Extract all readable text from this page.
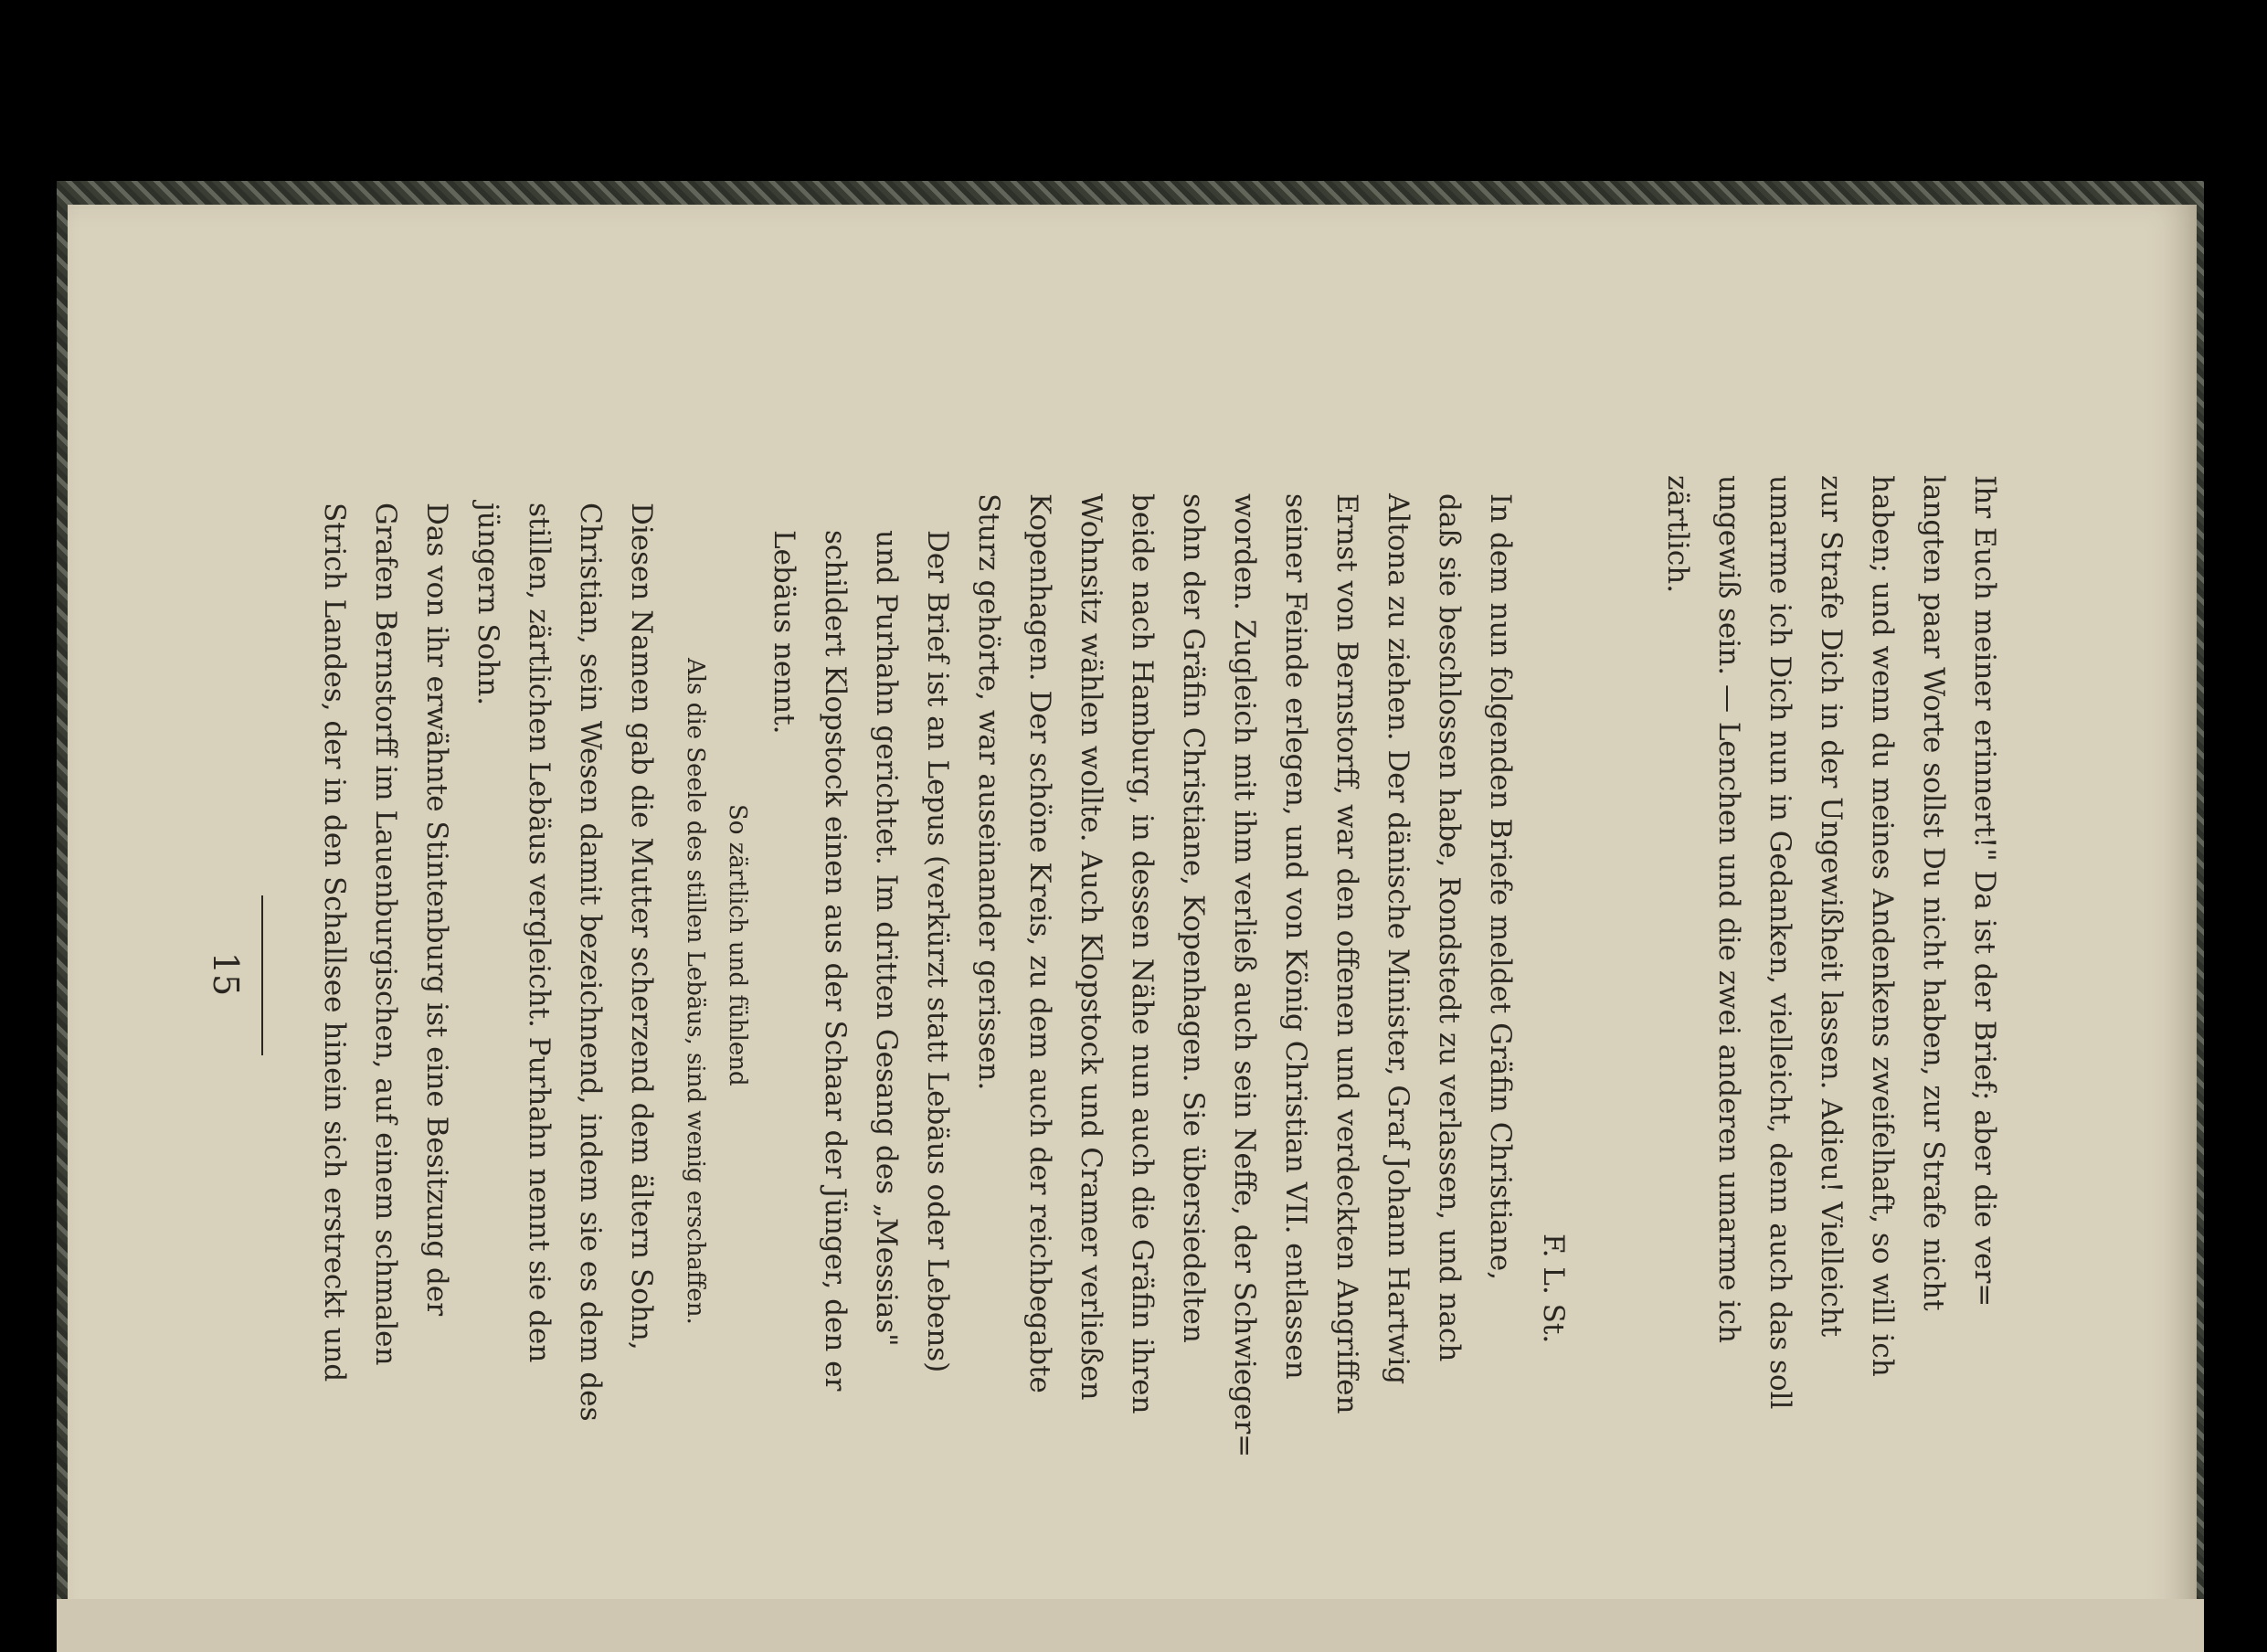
15	Ihr Euch meiner erinnert!" Da ist der Brief; aber die ver=
langten paar Worte sollst Du nicht haben, zur Strafe nicht
haben; und wenn du meines Andenkens zweifelhaft, so will ich
zur Strafe Dich in der Ungewißheit lassen. Adieu! Vielleicht
umarme ich Dich nun in Gedanken, vielleicht, denn auch das soll
ungewiß sein. — Lenchen und die zwei anderen umarme ich
zärtlich.
F. L. St.
In dem nun folgenden Briefe meldet Gräfin Christiane,
daß sie beschlossen habe, Rondstedt zu verlassen, und nach
Altona zu ziehen. Der dänische Minister, Graf Johann Hartwig
Ernst von Bernstorff, war den offenen und verdeckten Angriffen
seiner Feinde erlegen, und von König Christian VII. entlassen
worden. Zugleich mit ihm verließ auch sein Neffe, der Schwieger=
sohn der Gräfin Christiane, Kopenhagen. Sie übersiedelten
beide nach Hamburg, in dessen Nähe nun auch die Gräfin ihren
Wohnsitz wählen wollte. Auch Klopstock und Cramer verließen
Kopenhagen. Der schöne Kreis, zu dem auch der reichbegabte
Sturz gehörte, war auseinander gerissen.
Der Brief ist an Lepus (verkürzt statt Lebäus oder Lebens)
und Purhahn gerichtet. Im dritten Gesang des „Messias"
schildert Klopstock einen aus der Schaar der Jünger, den er
Lebäus nennt.
So zärtlich und fühlend
Als die Seele des stillen Lebäus, sind wenig erschaffen.
Diesen Namen gab die Mutter scherzend dem ältern Sohn,
Christian, sein Wesen damit bezeichnend, indem sie es dem des
stillen, zärtlichen Lebäus vergleicht. Purhahn nennt sie den
jüngern Sohn.
Das von ihr erwähnte Stintenburg ist eine Besitzung der
Grafen Bernstorff im Lauenburgischen, auf einem schmalen
Strich Landes, der in den Schallsee hinein sich erstreckt und
